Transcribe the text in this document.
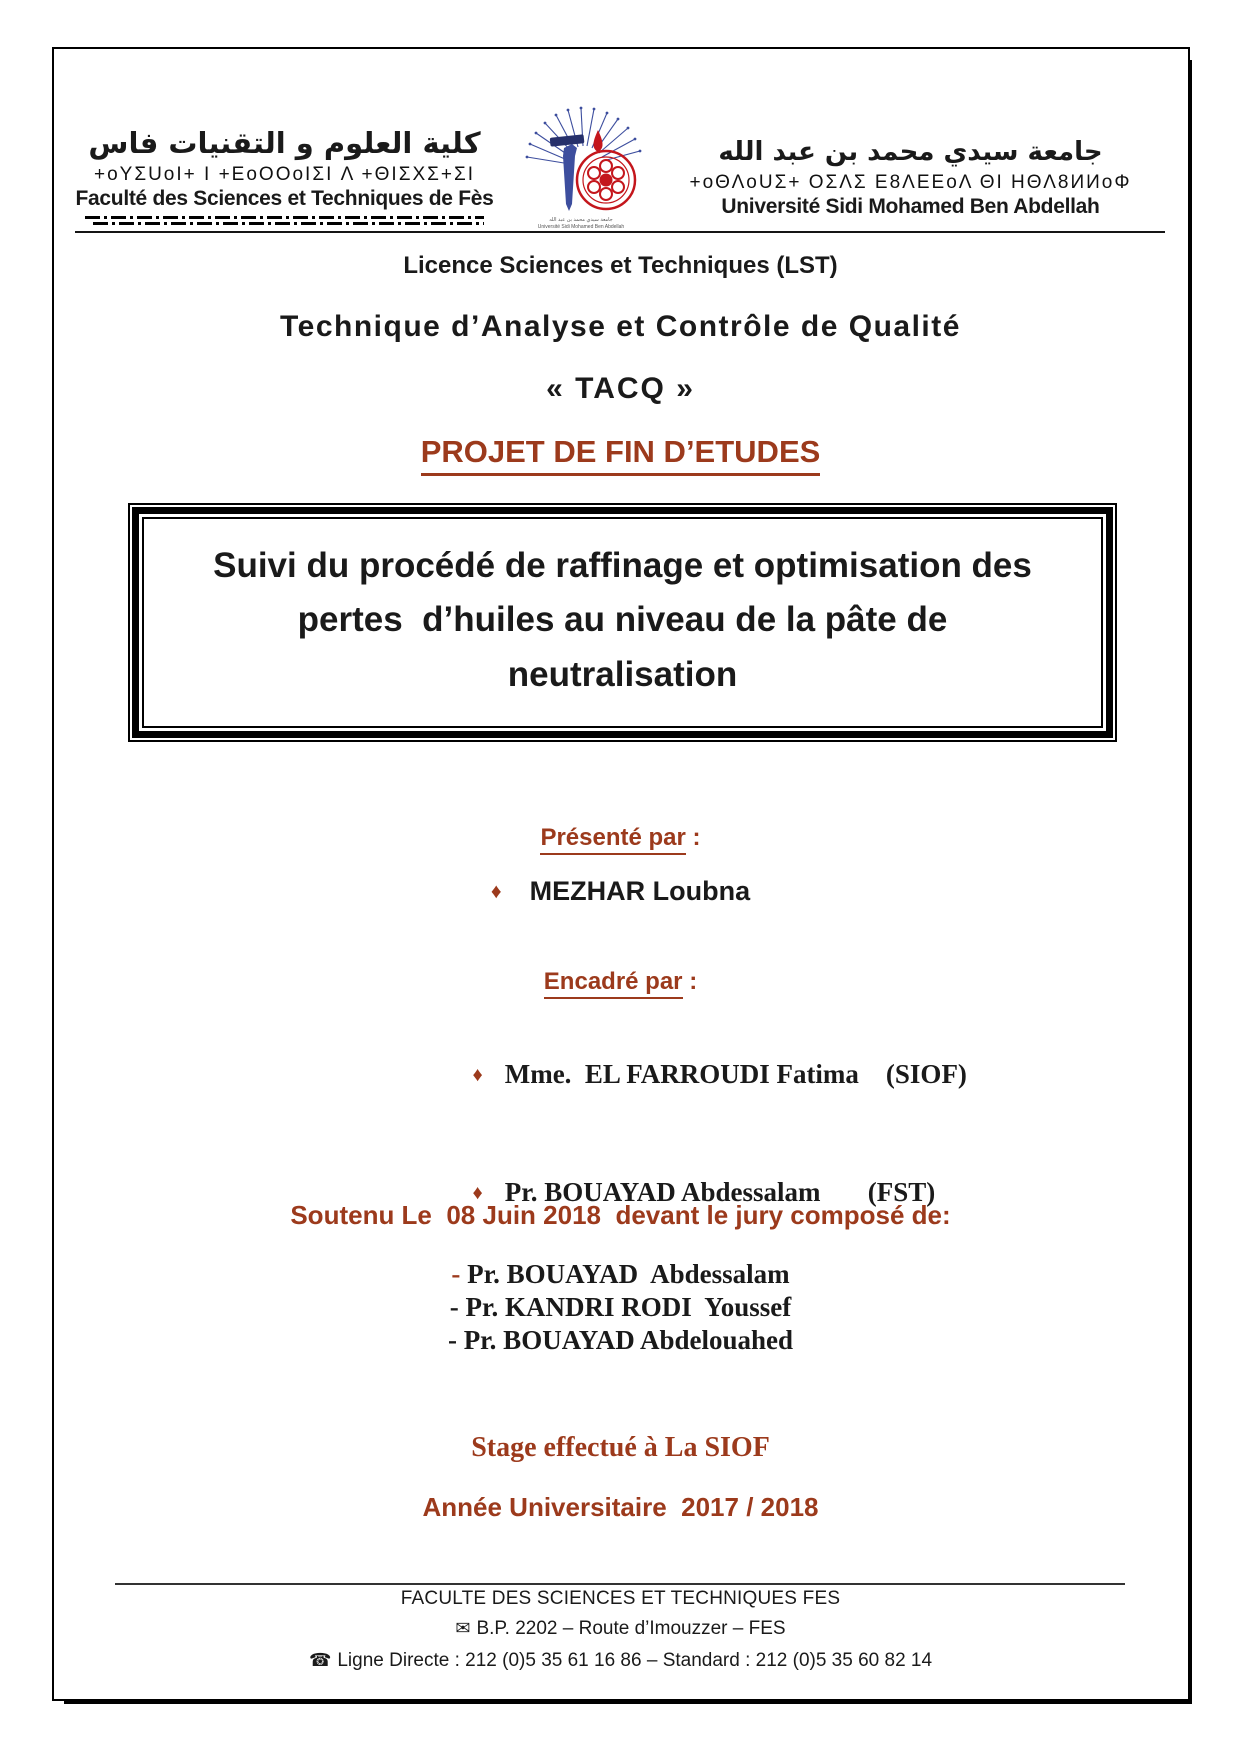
كلية العلوم و التقنيات فاس
+oYΣUoI+ I +ΕoOOoIΣI Λ +ΘIΣΧΣ+ΣI
Faculté des Sciences et Techniques de Fès
جامعة سيدي محمد بن عبد الله
Université Sidi Mohamed Ben Abdellah
جامعة سيدي محمد بن عبد الله
+oΘΛoUΣ+ OΣΛΣ Ε8ΛΕΕoΛ ΘΙ ΗΘΛ8ИИoΦ
Université Sidi Mohamed Ben Abdellah
Licence Sciences et Techniques (LST)
Technique d’Analyse et Contrôle de Qualité
« TACQ »
PROJET DE FIN D’ETUDES
Suivi du procédé de raffinage et optimisation des
pertes  d’huiles au niveau de la pâte de
neutralisation
Présenté par :
♦ MEZHAR Loubna
Encadré par :

♦ Mme.  EL FARROUDI Fatima    (SIOF)

♦ Pr. BOUAYAD Abdessalam       (FST)

Soutenu Le  08 Juin 2018  devant le jury composé de:
- Pr. BOUAYAD  Abdessalam
- Pr. KANDRI RODI  Youssef
- Pr. BOUAYAD Abdelouahed
Stage effectué à La SIOF
Année Universitaire  2017 / 2018
FACULTE DES SCIENCES ET TECHNIQUES FES
✉ B.P. 2202 – Route d’Imouzzer – FES
☎ Ligne Directe : 212 (0)5 35 61 16 86 – Standard : 212 (0)5 35 60 82 14
